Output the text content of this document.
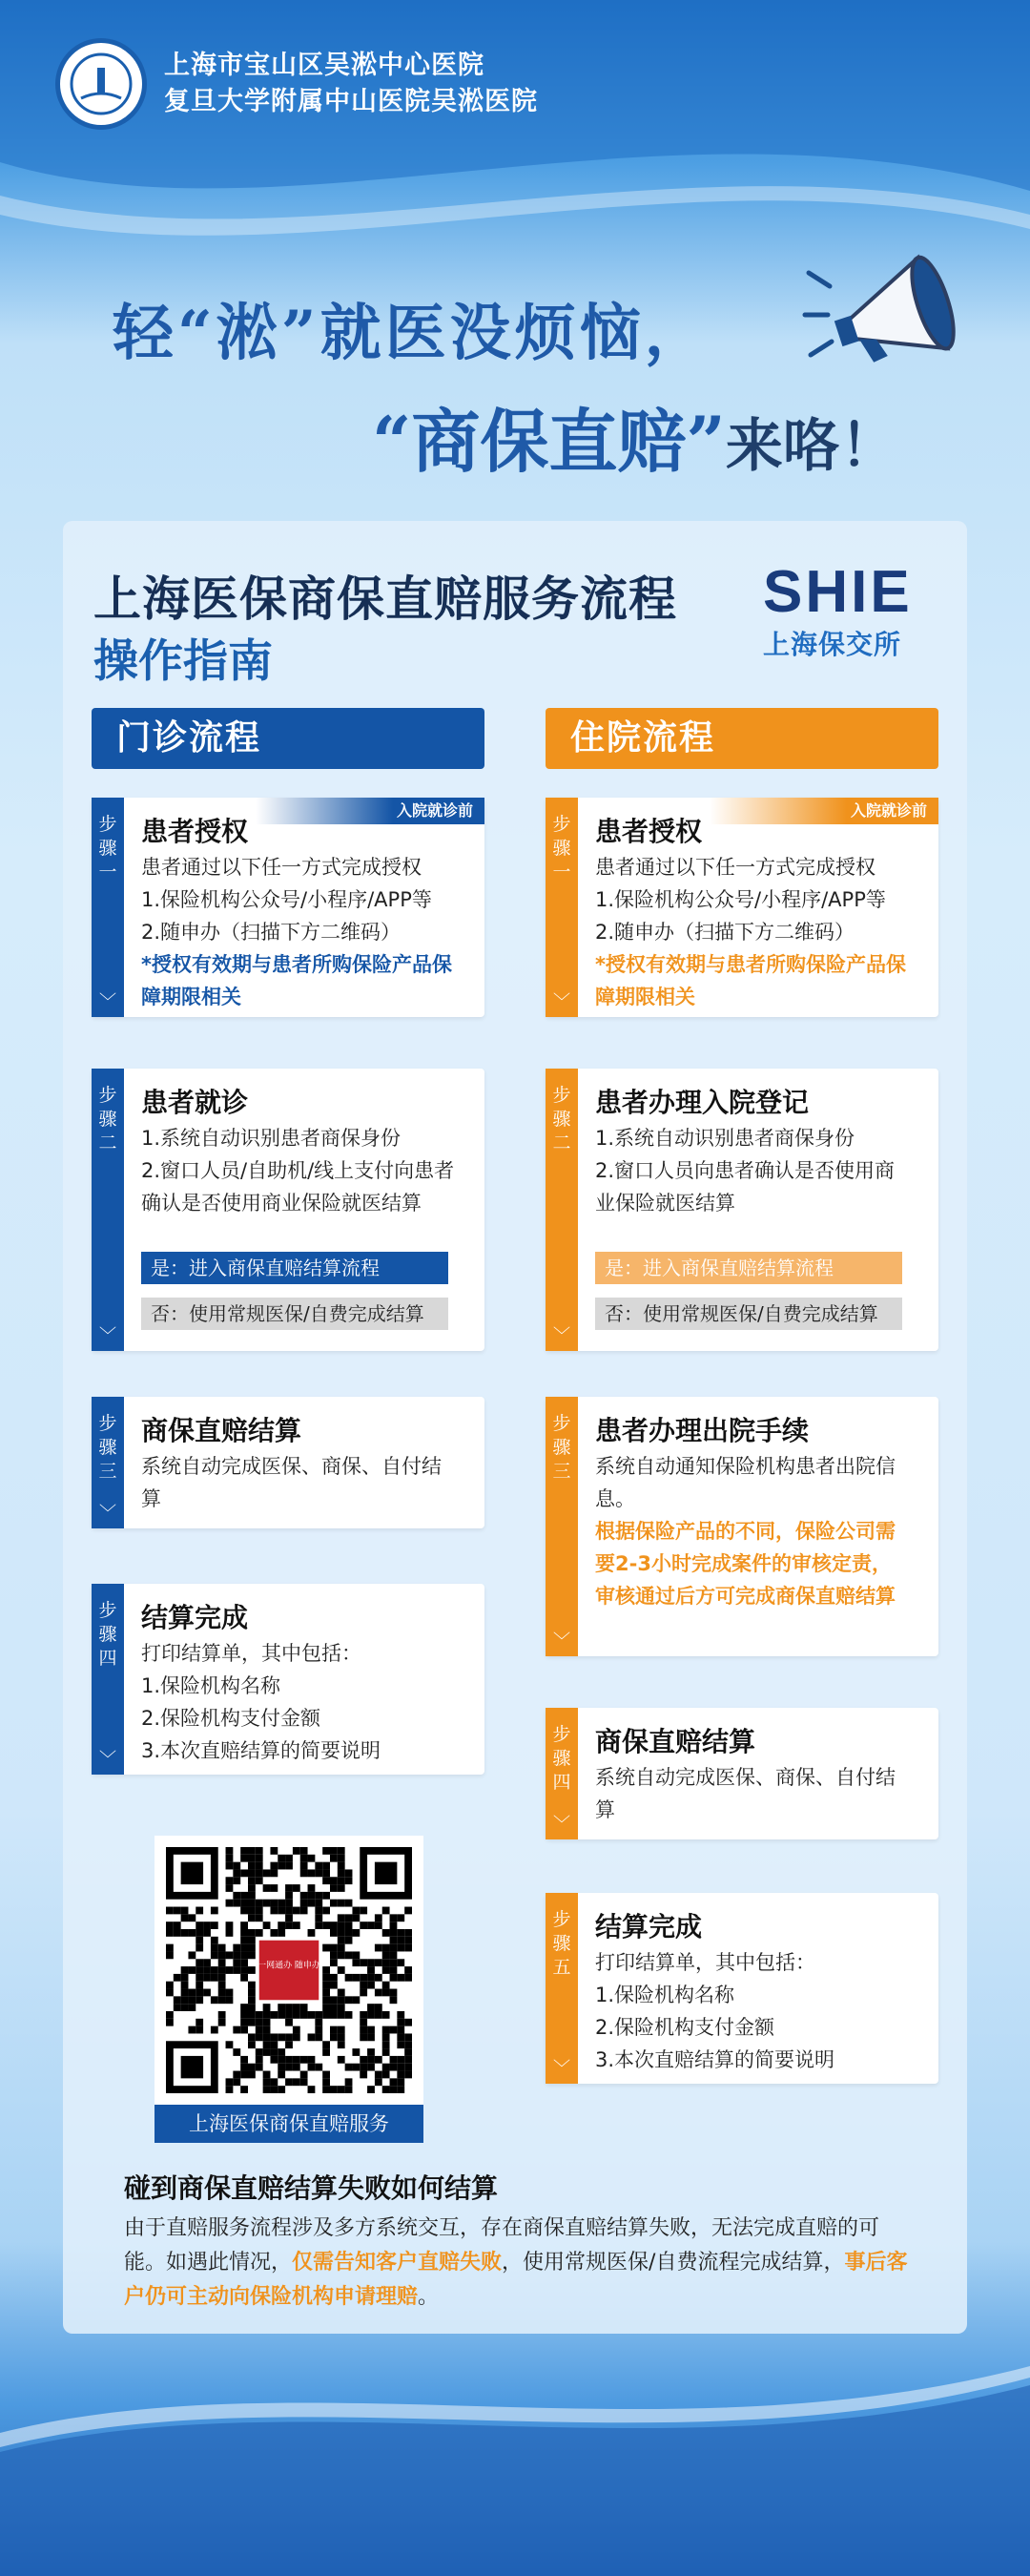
上海市宝山区吴淞中心医院
复旦大学附属中山医院吴淞医院
轻“淞”就医没烦恼，
“商保直赔”来咯！
上海医保商保直赔服务流程
操作指南
SHIE
上海保交所
门诊流程	住院流程
步骤一
﹀
入院就诊前
患者授权
患者通过以下任一方式完成授权
1.保险机构公众号/小程序/APP等
2.随申办（扫描下方二维码）
*授权有效期与患者所购保险产品保障期限相关
步骤二
﹀
患者就诊
1.系统自动识别患者商保身份
2.窗口人员/自助机/线上支付向患者确认是否使用商业保险就医结算
是：进入商保直赔结算流程
否：使用常规医保/自费完成结算
步骤三
﹀
商保直赔结算
系统自动完成医保、商保、自付结算
步骤四
﹀
结算完成
打印结算单，其中包括：
1.保险机构名称
2.保险机构支付金额
3.本次直赔结算的简要说明
步骤一
﹀
入院就诊前
患者授权
患者通过以下任一方式完成授权
1.保险机构公众号/小程序/APP等
2.随申办（扫描下方二维码）
*授权有效期与患者所购保险产品保障期限相关
步骤二
﹀
患者办理入院登记
1.系统自动识别患者商保身份
2.窗口人员向患者确认是否使用商业保险就医结算
是：进入商保直赔结算流程
否：使用常规医保/自费完成结算
步骤三
﹀
患者办理出院手续
系统自动通知保险机构患者出院信息。
根据保险产品的不同，保险公司需要2-3小时完成案件的审核定责，审核通过后方可完成商保直赔结算
步骤四
﹀
商保直赔结算
系统自动完成医保、商保、自付结算
步骤五
﹀
结算完成
打印结算单，其中包括：
1.保险机构名称
2.保险机构支付金额
3.本次直赔结算的简要说明
一网通办 随申办
上海医保商保直赔服务
碰到商保直赔结算失败如何结算
由于直赔服务流程涉及多方系统交互，存在商保直赔结算失败，无法完成直赔的可能。如遇此情况，仅需告知客户直赔失败，使用常规医保/自费流程完成结算，事后客户仍可主动向保险机构申请理赔。
